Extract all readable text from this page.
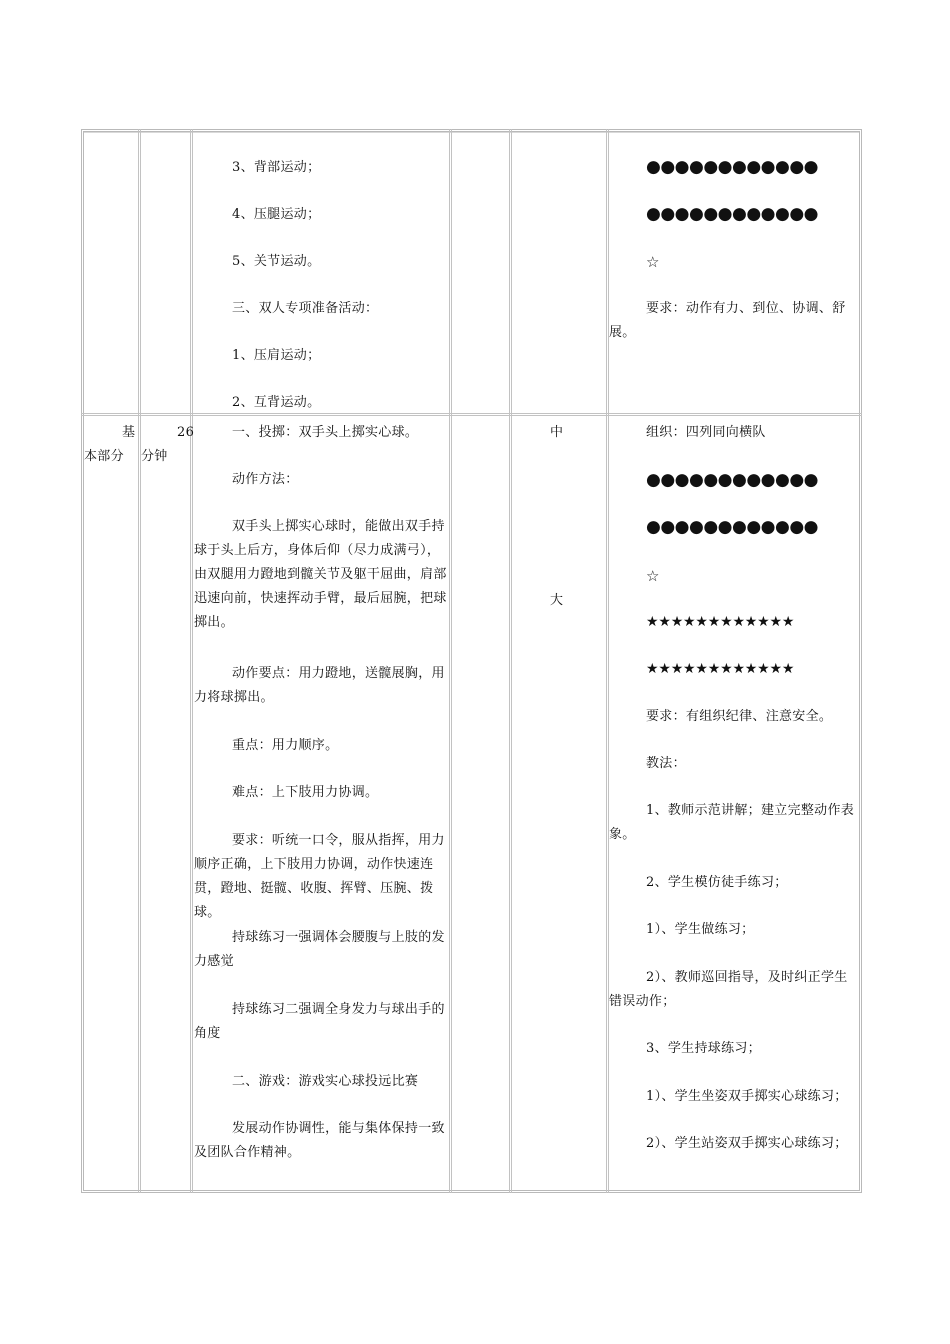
3、背部运动；
4、压腿运动；
5、关节运动。
三、双人专项准备活动：
1、压肩运动；
2、互背运动。
●●●●●●●●●●●●
●●●●●●●●●●●●
☆
要求：动作有力、到位、协调、舒
展。
基
本部分
26
分钟
中
大
一、投掷：双手头上掷实心球。
动作方法：
双手头上掷实心球时，能做出双手持球于头上后方，身体后仰（尽力成满弓），由双腿用力蹬地到髋关节及躯干屈曲，肩部迅速向前，快速挥动手臂，最后屈腕，把球掷出。
动作要点：用力蹬地，送髋展胸，用力将球掷出。
重点：用力顺序。
难点：上下肢用力协调。
要求：听统一口令，服从指挥，用力顺序正确，上下肢用力协调，动作快速连贯，蹬地、挺髋、收腹、挥臂、压腕、拨球。
持球练习一强调体会腰腹与上肢的发力感觉
持球练习二强调全身发力与球出手的角度
二、游戏：游戏实心球投远比赛
发展动作协调性，能与集体保持一致及团队合作精神。
组织：四列同向横队
●●●●●●●●●●●●
●●●●●●●●●●●●
☆
★★★★★★★★★★★★
★★★★★★★★★★★★
要求：有组织纪律、注意安全。
教法：
1、教师示范讲解；建立完整动作表
象。
2、学生模仿徒手练习；
1）、学生做练习；
2）、教师巡回指导，及时纠正学生
错误动作；
3、学生持球练习；
1）、学生坐姿双手掷实心球练习；
2）、学生站姿双手掷实心球练习；
